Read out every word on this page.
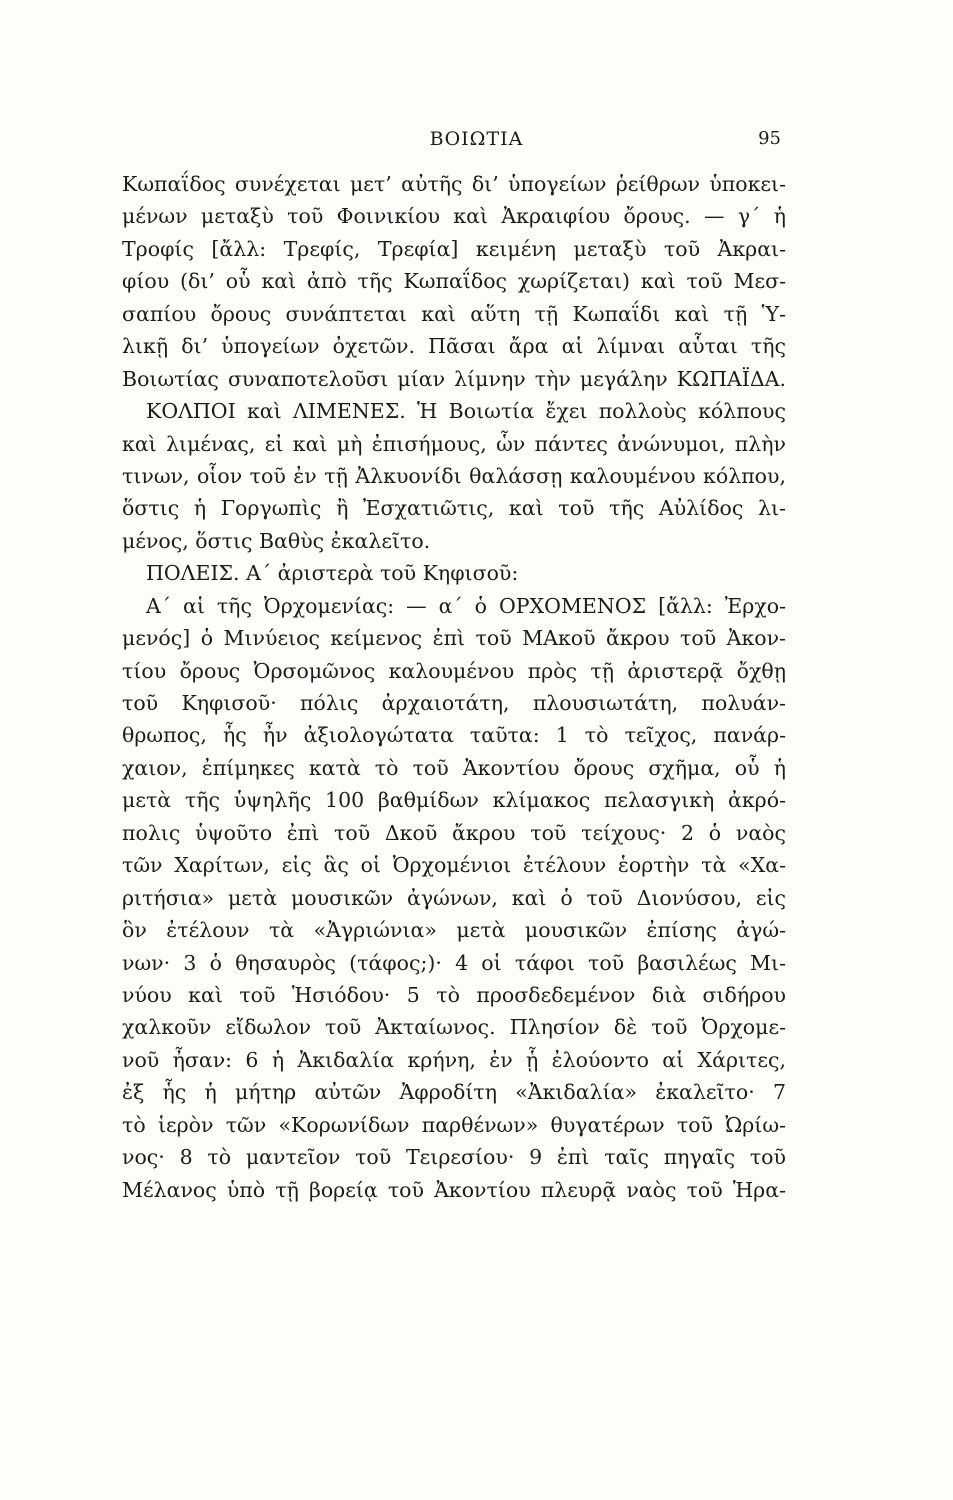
ΒΟΙΩΤΙΑ	95
Κωπαΐδος συνέχεται μετ’ αὐτῆς δι’ ὑπογείων ῥείθρων ὑποκει-
μένων μεταξὺ τοῦ Φοινικίου καὶ Ἀκραιφίου ὄρους. — γ΄ ἡ
Τροφίς [ἄλλ: Τρεφίς, Τρεφία] κειμένη μεταξὺ τοῦ Ἀκραι-
φίου (δι’ οὗ καὶ ἀπὸ τῆς Κωπαΐδος χωρίζεται) καὶ τοῦ Μεσ-
σαπίου ὄρους συνάπτεται καὶ αὕτη τῇ Κωπαΐδι καὶ τῇ Ὑ-
λικῇ δι’ ὑπογείων ὀχετῶν. Πᾶσαι ἄρα αἱ λίμναι αὗται τῆς
Βοιωτίας συναποτελοῦσι μίαν λίμνην τὴν μεγάλην ΚΩΠΑΪΔΑ.
ΚΟΛΠΟΙ καὶ ΛΙΜΕΝΕΣ. Ἡ Βοιωτία ἔχει πολλοὺς κόλπους
καὶ λιμένας, εἰ καὶ μὴ ἐπισήμους, ὧν πάντες ἀνώνυμοι, πλὴν
τινων, οἷον τοῦ ἐν τῇ Ἀλκυονίδι θαλάσσῃ καλουμένου κόλπου,
ὅστις ἡ Γοργωπὶς ἢ Ἐσχατιῶτις, καὶ τοῦ τῆς Αὐλίδος λι-
μένος, ὅστις Βαθὺς ἐκαλεῖτο.
ΠΟΛΕΙΣ. Α΄ ἀριστερὰ τοῦ Κηφισοῦ:
Α΄ αἱ τῆς Ὀρχομενίας: — α΄ ὁ ΟΡΧΟΜΕΝΟΣ [ἄλλ: Ἐρχο-
μενός] ὁ Μινύειος κείμενος ἐπὶ τοῦ ΜΑκοῦ ἄκρου τοῦ Ἀκον-
τίου ὄρους Ὀρσομῶνος καλουμένου πρὸς τῇ ἀριστερᾷ ὄχθῃ
τοῦ Κηφισοῦ· πόλις ἀρχαιοτάτη, πλουσιωτάτη, πολυάν-
θρωπος, ἧς ἦν ἀξιολογώτατα ταῦτα: 1 τὸ τεῖχος, πανάρ-
χαιον, ἐπίμηκες κατὰ τὸ τοῦ Ἀκοντίου ὄρους σχῆμα, οὗ ἡ
μετὰ τῆς ὑψηλῆς 100 βαθμίδων κλίμακος πελασγικὴ ἀκρό-
πολις ὑψοῦτο ἐπὶ τοῦ Δκοῦ ἄκρου τοῦ τείχους· 2 ὁ ναὸς
τῶν Χαρίτων, εἰς ἃς οἱ Ὀρχομένιοι ἐτέλουν ἑορτὴν τὰ «Χα-
ριτήσια» μετὰ μουσικῶν ἀγώνων, καὶ ὁ τοῦ Διονύσου, εἰς
ὃν ἐτέλουν τὰ «Ἀγριώνια» μετὰ μουσικῶν ἐπίσης ἀγώ-
νων· 3 ὁ θησαυρὸς (τάφος;)· 4 οἱ τάφοι τοῦ βασιλέως Μι-
νύου καὶ τοῦ Ἡσιόδου· 5 τὸ προσδεδεμένον διὰ σιδήρου
χαλκοῦν εἴδωλον τοῦ Ἀκταίωνος. Πλησίον δὲ τοῦ Ὀρχομε-
νοῦ ἦσαν: 6 ἡ Ἀκιδαλία κρήνη, ἐν ᾗ ἐλούοντο αἱ Χάριτες,
ἐξ ἧς ἡ μήτηρ αὐτῶν Ἀφροδίτη «Ἀκιδαλία» ἐκαλεῖτο· 7
τὸ ἱερὸν τῶν «Κορωνίδων παρθένων» θυγατέρων τοῦ Ὠρίω-
νος· 8 τὸ μαντεῖον τοῦ Τειρεσίου· 9 ἐπὶ ταῖς πηγαῖς τοῦ
Μέλανος ὑπὸ τῇ βορείᾳ τοῦ Ἀκοντίου πλευρᾷ ναὸς τοῦ Ἡρα-
